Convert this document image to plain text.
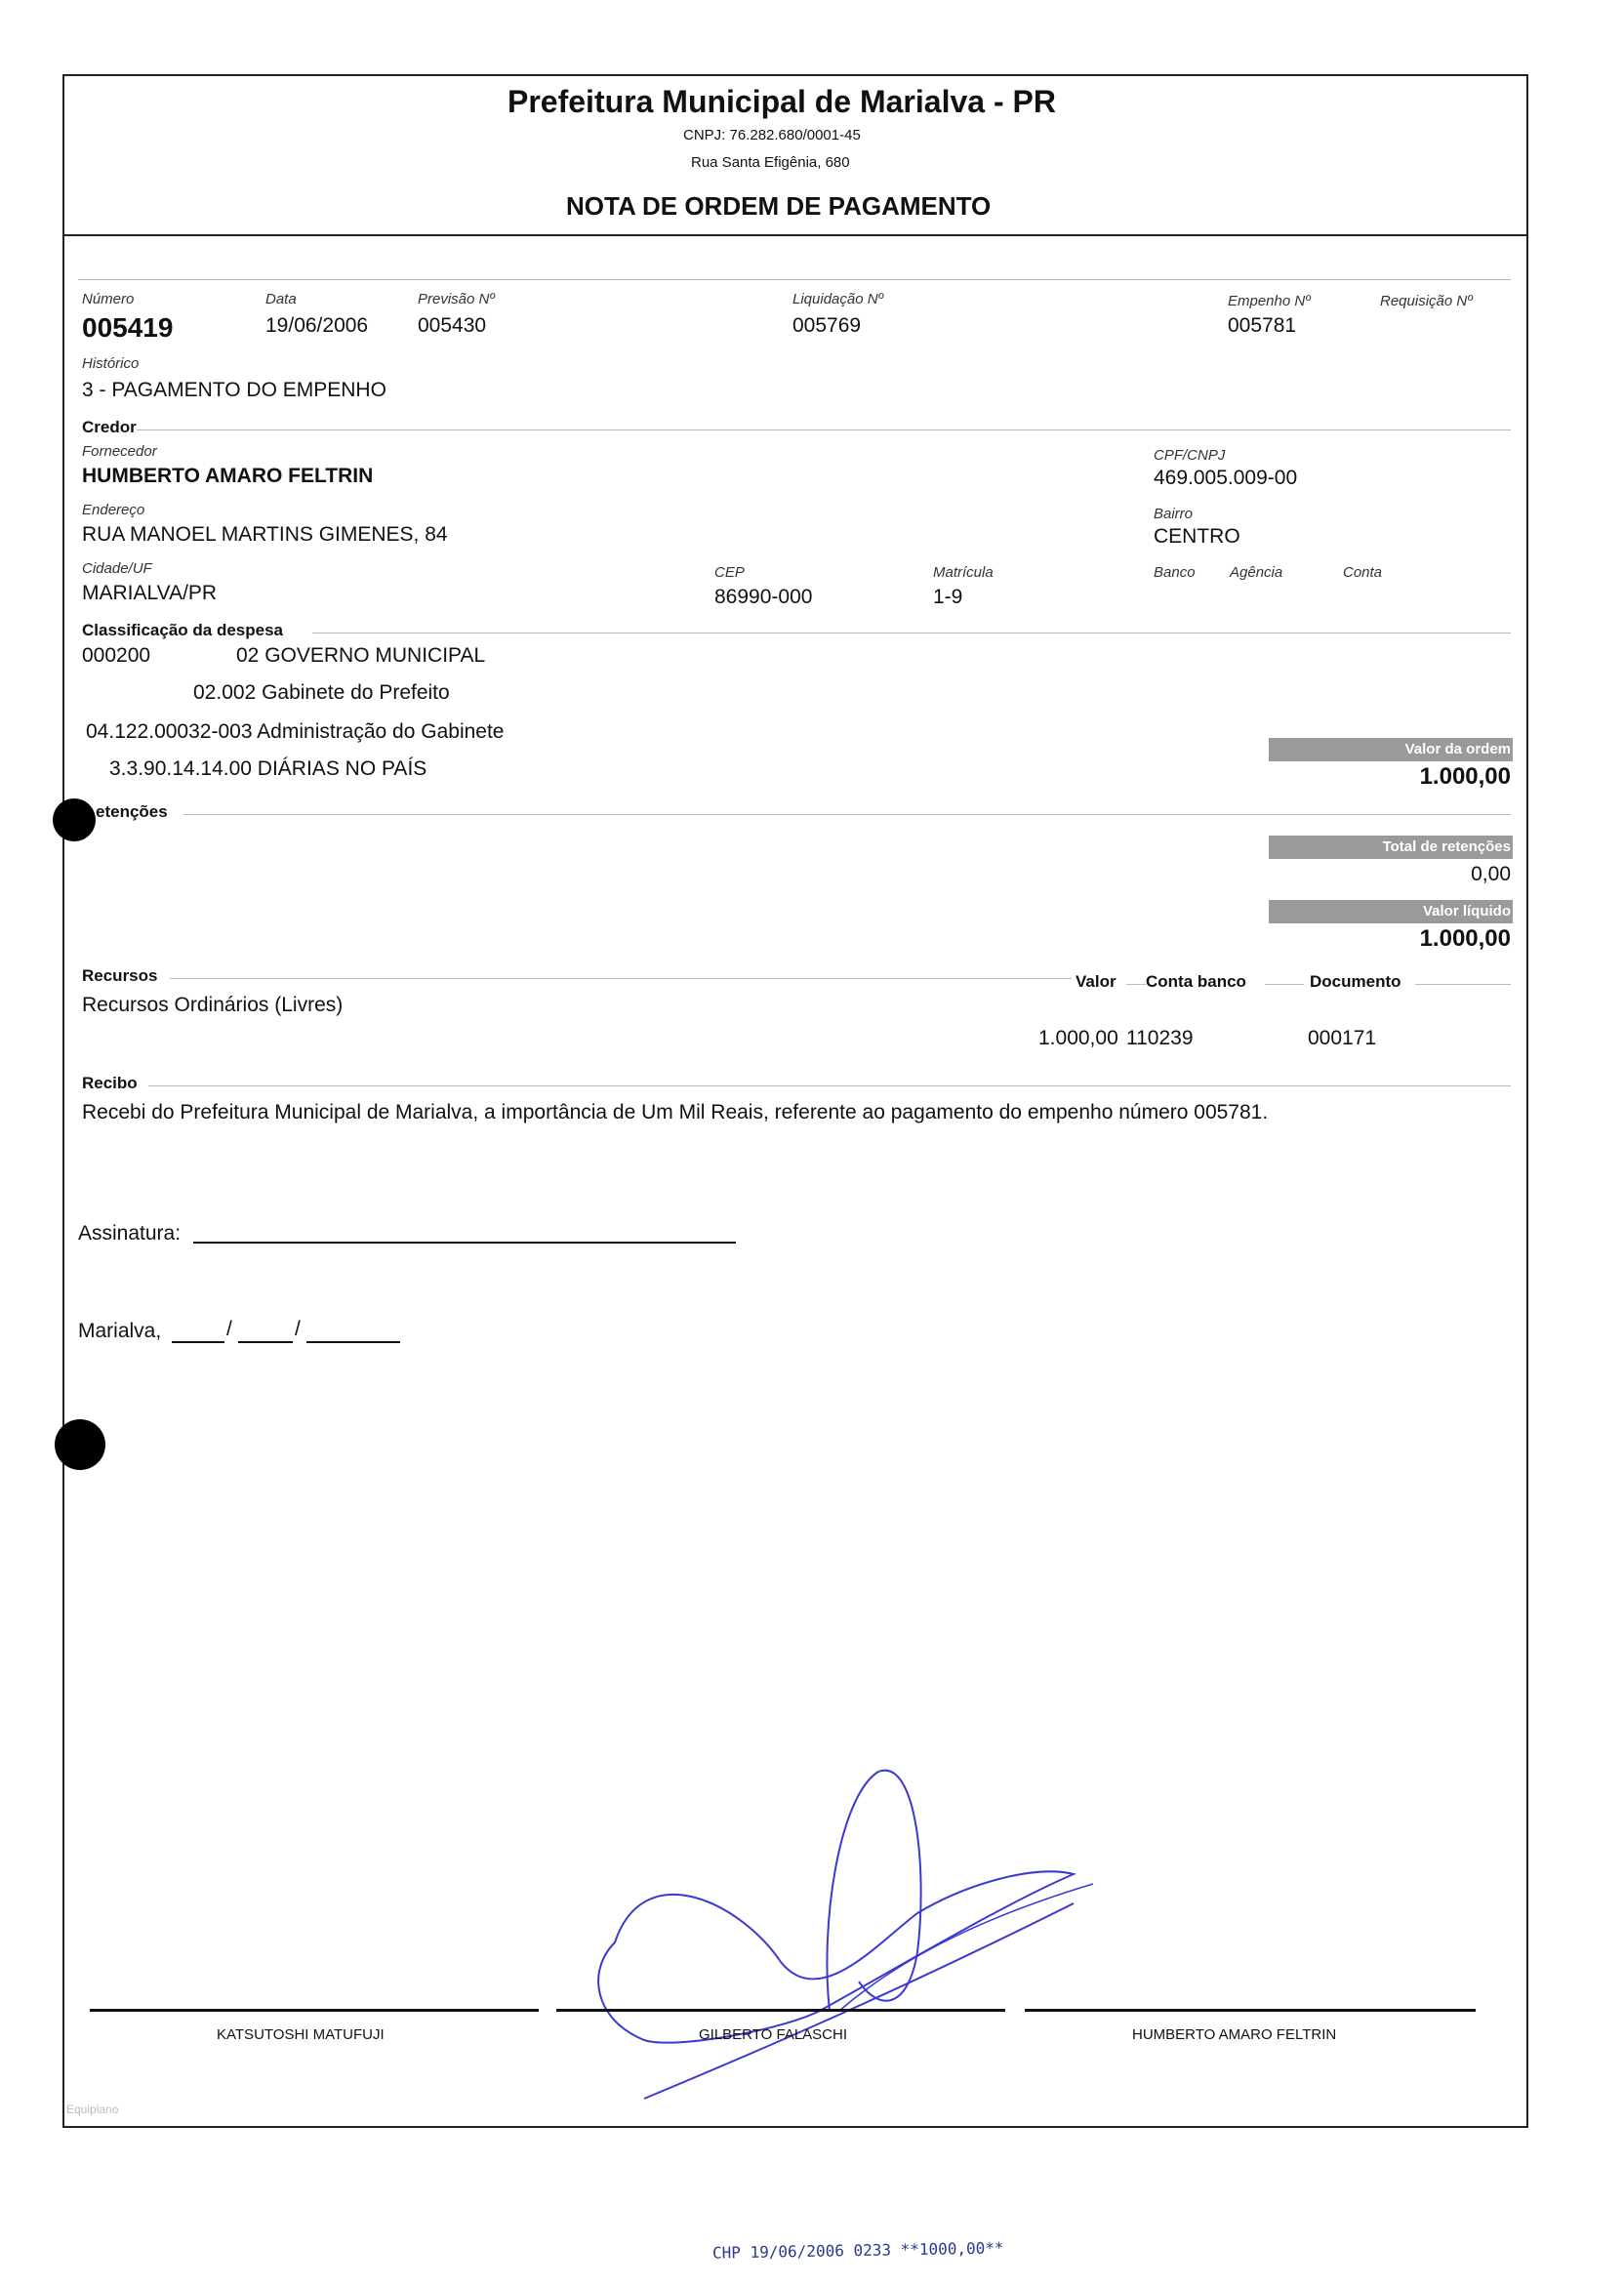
Prefeitura Municipal de Marialva - PR
CNPJ: 76.282.680/0001-45
Rua Santa Efigênia, 680
NOTA DE ORDEM DE PAGAMENTO
Número
005419
Data
19/06/2006
Previsão Nº
005430
Liquidação Nº
005769
Empenho Nº
005781
Requisição Nº
Histórico
3 - PAGAMENTO DO EMPENHO
Credor
Fornecedor
HUMBERTO AMARO FELTRIN
CPF/CNPJ
469.005.009-00
Endereço
RUA MANOEL MARTINS GIMENES, 84
Bairro
CENTRO
Cidade/UF
MARIALVA/PR
CEP
86990-000
Matrícula
1-9
Banco Agência	Conta
Classificação da despesa
000200	02 GOVERNO MUNICIPAL
02.002 Gabinete do Prefeito
04.122.00032-003 Administração do Gabinete
3.3.90.14.14.00 DIÁRIAS NO PAÍS
Valor da ordem
1.000,00
etenções
Total de retenções
0,00
Valor líquido
1.000,00
Recursos	Valor Conta banco	Documento
Recursos Ordinários (Livres)
1.000,00 110239	000171
Recibo
Recebi do Prefeitura Municipal de Marialva, a importância de Um Mil Reais, referente ao pagamento do empenho número 005781.
Assinatura:
Marialva,	/	/
KATSUTOSHI MATUFUJI	GILBERTO FALASCHI	HUMBERTO AMARO FELTRIN
Equiplano
CHP 19/06/2006 0233 **1000,00**
